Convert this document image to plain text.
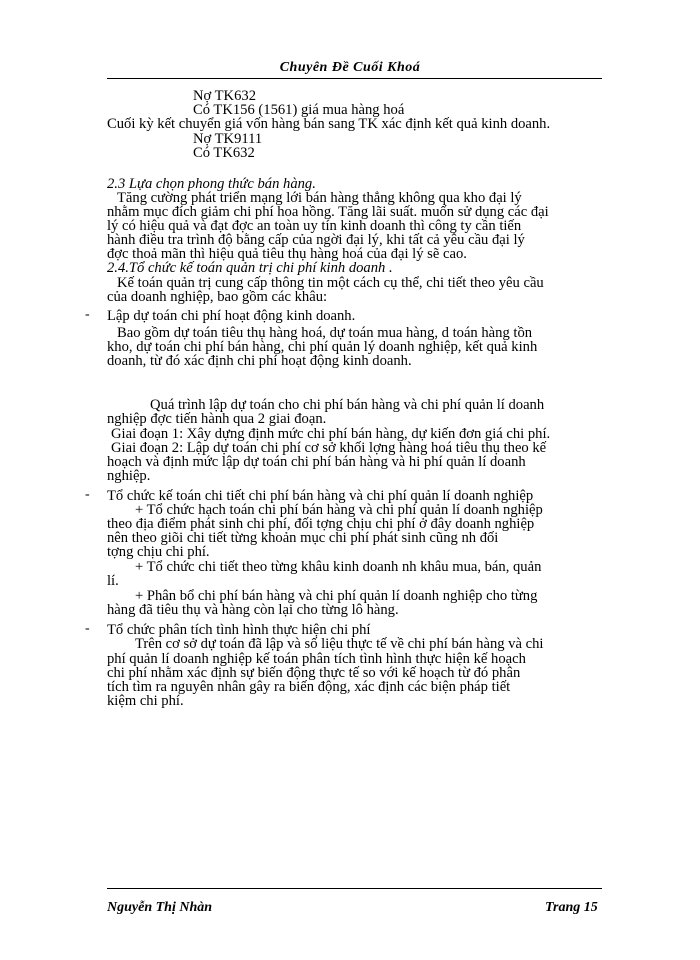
Chuyên Đề Cuối Khoá
Nợ TK632
Có TK156 (1561) giá mua hàng hoá
Cuối kỳ kết chuyển giá vốn hàng bán sang TK xác định kết quả kinh doanh.
Nợ TK9111
Có TK632
2.3 Lựa chọn phong thức bán hàng.
Tăng cường phát triển mạng lới bán hàng thẳng không qua kho đại lý
nhằm mục đích giảm chi phí hoa hồng. Tăng lãi suất. muốn sử dụng các đại
lý có hiệu quả và đạt đợc an toàn uy tín kinh doanh thì công ty cần tiến
hành điều tra trình độ bằng cấp của ngời đại lý, khi tất cả yêu cầu đại lý
đợc thoả mãn thì hiệu quả tiêu thụ hàng hoá của đại lý sẽ cao.
2.4.Tổ chức kế toán quản trị chi phí kinh doanh .
Kế toán quản trị cung cấp thông tin một cách cụ thể, chi tiết theo yêu cầu
của doanh nghiệp, bao gồm các khâu:
- Lập dự toán chi phí hoạt động kinh doanh.
Bao gồm dự toán tiêu thụ hàng hoá, dự toán mua hàng, d toán hàng tồn
kho, dự toán chi phí bán hàng, chi phí quản lý doanh nghiệp, kết quả kinh
doanh, từ đó xác định chi phí hoạt động kinh doanh.
Quá trình lập dự toán cho chi phí bán hàng và chi phí quản lí doanh
nghiệp đợc tiến hành qua 2 giai đoạn.
Giai đoạn 1: Xây dựng định mức chi phí bán hàng, dự kiến đơn giá chi phí.
Giai đoạn 2: Lập dự toán chi phí cơ sở khối lợng hàng hoá tiêu thụ theo kế
hoạch và định mức lập dự toán chi phí bán hàng và hi phí quản lí doanh
nghiệp.
- Tổ chức kế toán chi tiết chi phí bán hàng và chi phí quản lí doanh nghiệp
+ Tổ chức hạch toán chi phí bán hàng và chi phí quản lí doanh nghiệp
theo địa điểm phát sinh chi phí, đối tợng chịu chi phí ở đây doanh nghiệp
nên theo giõi chi tiết từng khoản mục chi phí phát sinh cũng nh đối
tợng chịu chi phí.
+ Tổ chức chi tiết theo từng khâu kinh doanh nh khâu mua, bán, quản
lí.
+ Phân bổ chi phí bán hàng và chi phí quản lí doanh nghiệp cho từng
hàng đã tiêu thụ và hàng còn lại cho từng lô hàng.
- Tổ chức phân tích tình hình thực hiện chi phí
Trên cơ sở dự toán đã lập và số liệu thực tế về chi phí bán hàng và chi
phí quản lí doanh nghiệp kế toán phân tích tình hình thực hiện kế hoạch
chi phí nhằm xác định sự biến động thực tế so với kế hoạch từ đó phân
tích tìm ra nguyên nhân gây ra biến động, xác định các biện pháp tiết
kiệm chi phí.
Nguyễn Thị Nhàn	Trang 15
